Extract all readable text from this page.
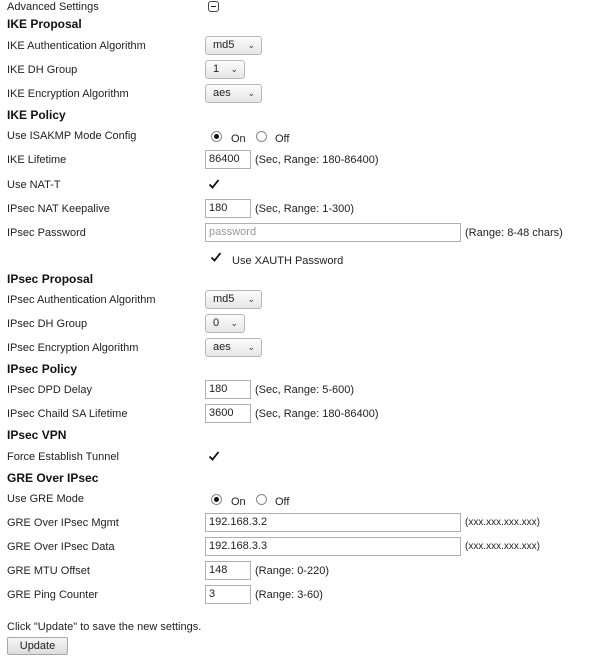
Advanced Settings
IKE Proposal
IKE Authentication Algorithm	md5 ⌄
IKE DH Group	1 ⌄
IKE Encryption Algorithm	aes ⌄
IKE Policy
Use ISAKMP Mode Config	On	Off
IKE Lifetime	86400	(Sec, Range: 180-86400)
Use NAT-T
IPsec NAT Keepalive	180	(Sec, Range: 1-300)
IPsec Password	password	(Range: 8-48 chars)
Use XAUTH Password
IPsec Proposal
IPsec Authentication Algorithm	md5 ⌄
IPsec DH Group	0 ⌄
IPsec Encryption Algorithm	aes ⌄
IPsec Policy
IPsec DPD Delay	180	(Sec, Range: 5-600)
IPsec Chaild SA Lifetime	3600	(Sec, Range: 180-86400)
IPsec VPN
Force Establish Tunnel
GRE Over IPsec
Use GRE Mode	On	Off
GRE Over IPsec Mgmt	192.168.3.2	(xxx.xxx.xxx.xxx)
GRE Over IPsec Data	192.168.3.3	(xxx.xxx.xxx.xxx)
GRE MTU Offset	148	(Range: 0-220)
GRE Ping Counter	3	(Range: 3-60)
Click "Update" to save the new settings.
Update
